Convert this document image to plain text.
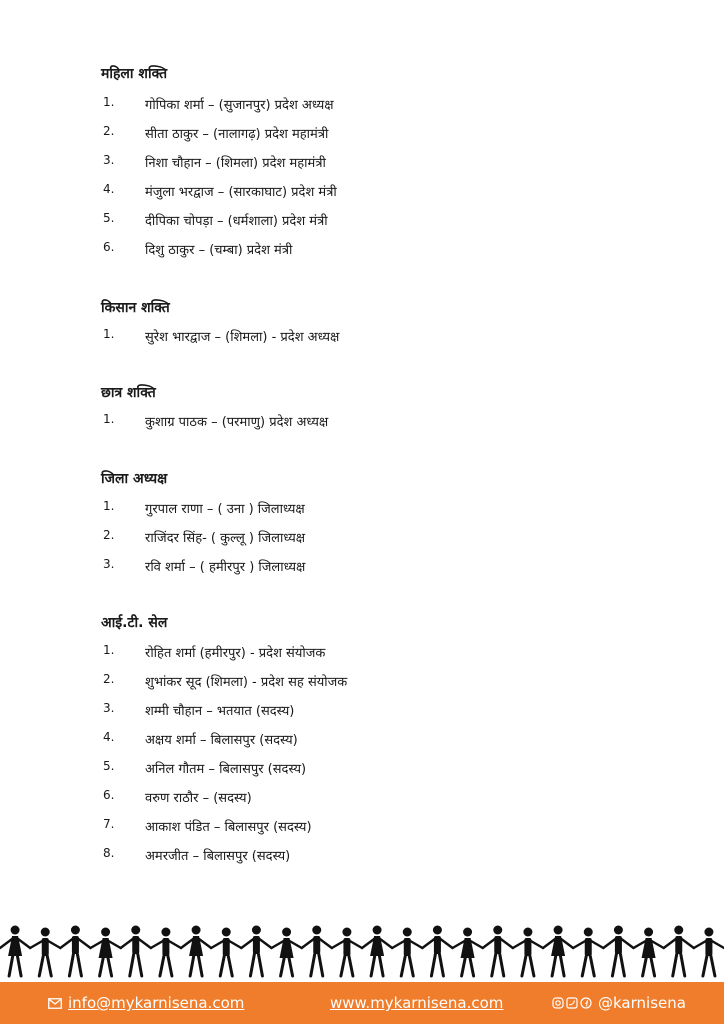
महिला शक्ति
1. गोपिका शर्मा – (सुजानपुर) प्रदेश अध्यक्ष
2. सीता ठाकुर – (नालागढ़) प्रदेश महामंत्री
3. निशा चौहान – (शिमला) प्रदेश महामंत्री
4. मंजुला भरद्वाज – (सारकाघाट) प्रदेश मंत्री
5. दीपिका चोपड़ा – (धर्मशाला) प्रदेश मंत्री
6. दिशु ठाकुर – (चम्बा) प्रदेश मंत्री
किसान शक्ति
1. सुरेश भारद्वाज – (शिमला) - प्रदेश अध्यक्ष
छात्र शक्ति
1. कुशाग्र पाठक – (परमाणु) प्रदेश अध्यक्ष
जिला अध्यक्ष
1. गुरपाल राणा – ( उना ) जिलाध्यक्ष
2. राजिंदर सिंह- ( कुल्लू ) जिलाध्यक्ष
3. रवि शर्मा – ( हमीरपुर ) जिलाध्यक्ष
आई.टी. सेल
1. रोहित शर्मा (हमीरपुर) - प्रदेश संयोजक
2. शुभांकर सूद (शिमला) - प्रदेश सह संयोजक
3. शम्मी चौहान – भतयात (सदस्य)
4. अक्षय शर्मा – बिलासपुर (सदस्य)
5. अनिल गौतम – बिलासपुर (सदस्य)
6. वरुण राठौर – (सदस्य)
7. आकाश पंडित – बिलासपुर (सदस्य)
8. अमरजीत – बिलासपुर (सदस्य)
info@mykarnisena.com	www.mykarnisena.com	@karnisena
